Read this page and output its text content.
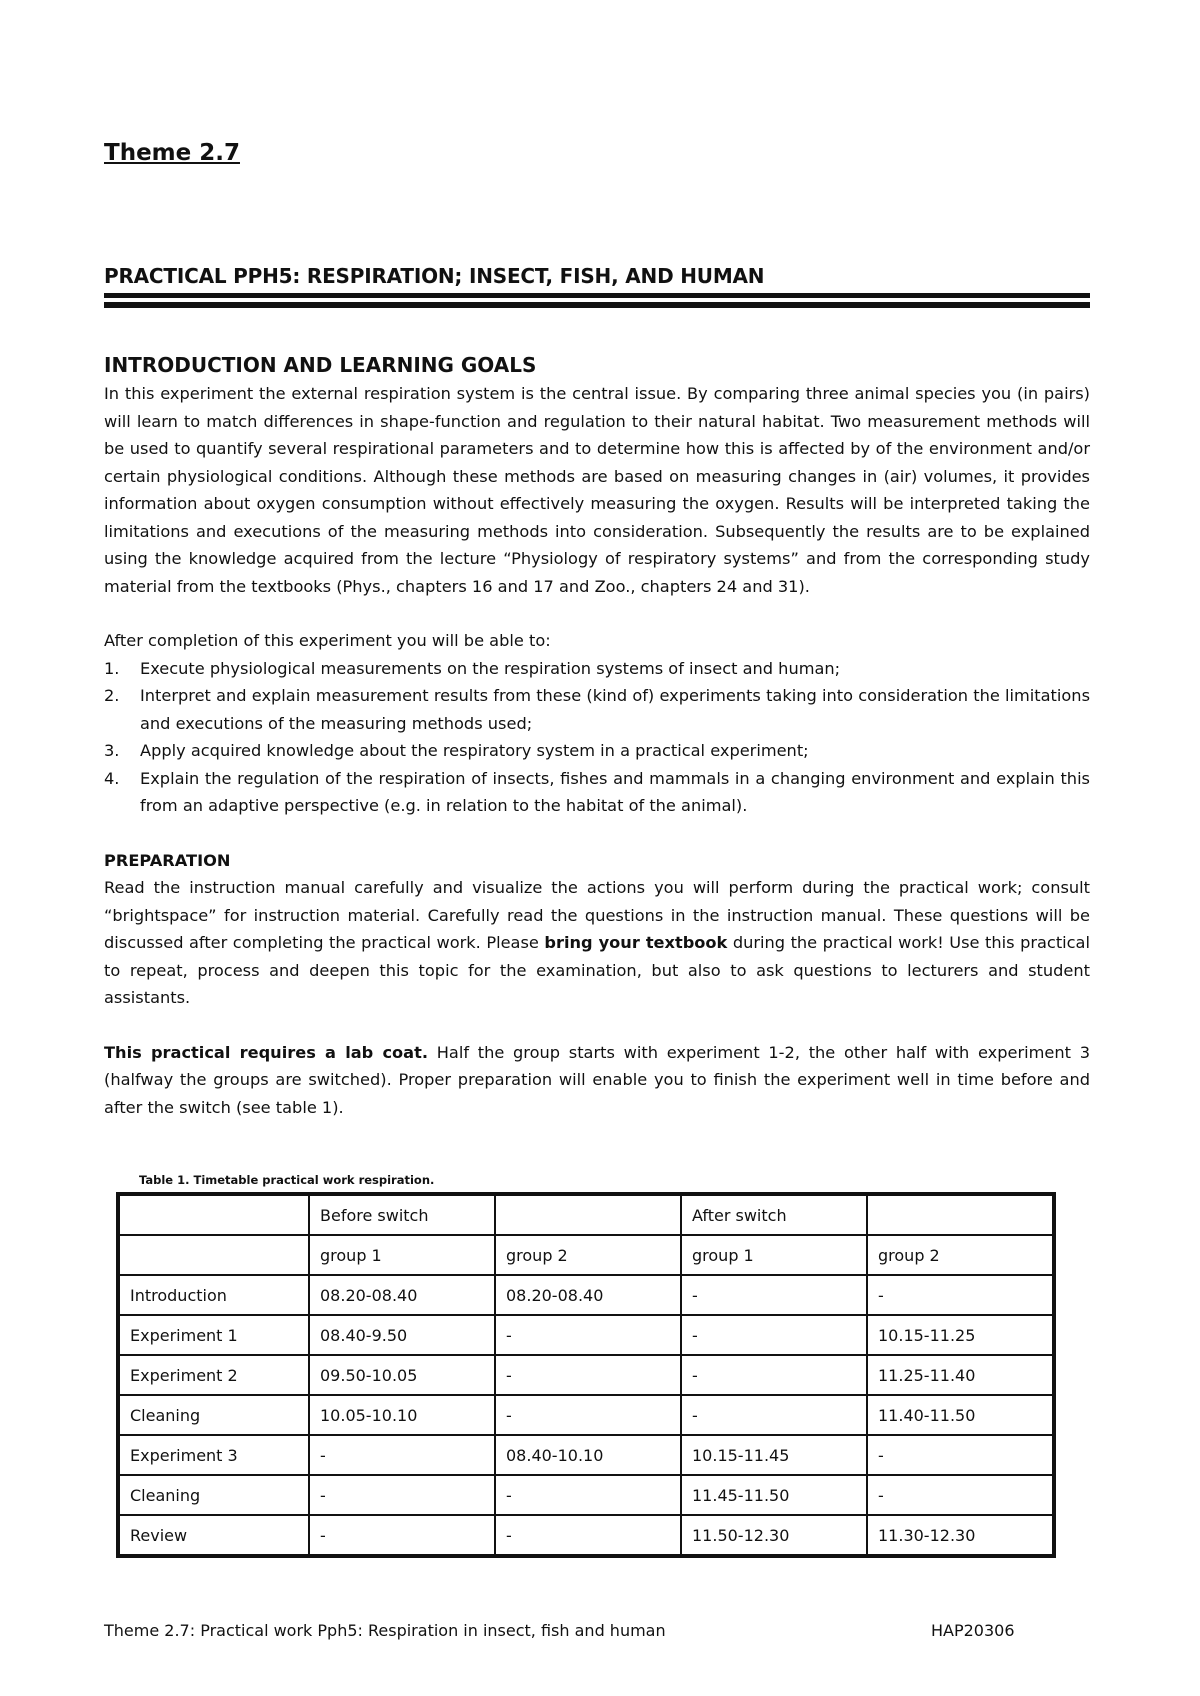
Theme 2.7
PRACTICAL PPH5: RESPIRATION; INSECT, FISH, AND HUMAN

INTRODUCTION AND LEARNING GOALS

In this experiment the external respiration system is the central issue. By comparing three animal species you (in pairs) will learn to match differences in shape-function and regulation to their natural habitat. Two measurement methods will be used to quantify several respirational parameters and to determine how this is affected by of the environment and/or certain physiological conditions. Although these methods are based on measuring changes in (air) volumes, it provides information about oxygen consumption without effectively measuring the oxygen. Results will be interpreted taking the limitations and executions of the measuring methods into consideration. Subsequently the results are to be explained using the knowledge acquired from the lecture “Physiology of respiratory systems” and from the corresponding study material from the textbooks (Phys., chapters 16 and 17 and Zoo., chapters 24 and 31).

After completion of this experiment you will be able to:

1. Execute physiological measurements on the respiration systems of insect and human;
2. Interpret and explain measurement results from these (kind of) experiments taking into consideration the limitations and executions of the measuring methods used;
3. Apply acquired knowledge about the respiratory system in a practical experiment;
4. Explain the regulation of the respiration of insects, fishes and mammals in a changing environment and explain this from an adaptive perspective (e.g. in relation to the habitat of the animal).

PREPARATION

Read the instruction manual carefully and visualize the actions you will perform during the practical work; consult “brightspace” for instruction material. Carefully read the questions in the instruction manual. These questions will be discussed after completing the practical work. Please bring your textbook during the practical work! Use this practical to repeat, process and deepen this topic for the examination, but also to ask questions to lecturers and student assistants.

This practical requires a lab coat. Half the group starts with experiment 1-2, the other half with experiment 3 (halfway the groups are switched). Proper preparation will enable you to finish the experiment well in time before and after the switch (see table 1).

Table 1. Timetable practical work respiration.
	Before switch		After switch	
	group 1	group 2	group 1	group 2
Introduction	08.20-08.40	08.20-08.40	-	-
Experiment 1	08.40-9.50	-	-	10.15-11.25
Experiment 2	09.50-10.05	-	-	11.25-11.40
Cleaning	10.05-10.10	-	-	11.40-11.50
Experiment 3	-	08.40-10.10	10.15-11.45	-
Cleaning	-	-	11.45-11.50	-
Review	-	-	11.50-12.30	11.30-12.30
Theme 2.7: Practical work Pph5: Respiration in insect, fish and human	HAP20306
